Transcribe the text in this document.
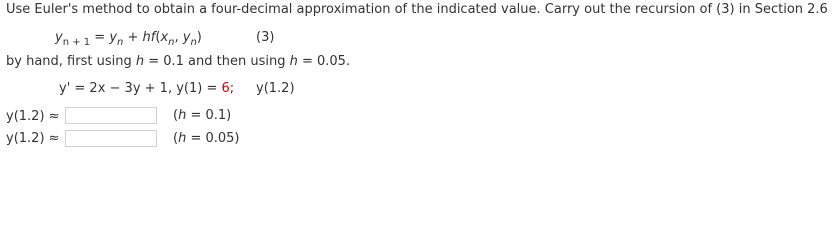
Use Euler's method to obtain a four-decimal approximation of the indicated value. Carry out the recursion of (3) in Section 2.6
$y_{n + 1} = y_n + hf(x_n$, $y_n$)	(3)
by hand, first using h = 0.1 and then using h = 0.05.
y' = 2x − 3y + 1, y(1) = 6; y(1.2)
y(1.2) ≈	(h = 0.1)
y(1.2) ≈	(h = 0.05)
